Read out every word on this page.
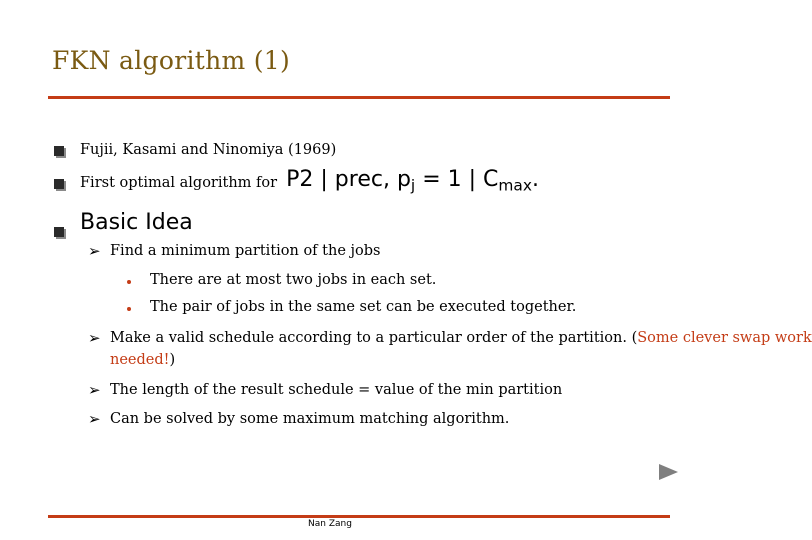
FKN algorithm (1)
Fujii, Kasami and Ninomiya (1969)
First optimal algorithm for P2 | prec, $p_j = 1$ | $C_{max}$.
Basic Idea
➢ Find a minimum partition of the jobs
There are at most two jobs in each set.
The pair of jobs in the same set can be executed together.
➢ Make a valid schedule according to a particular order of the partition. (Some clever swap work
needed!)
➢ The length of the result schedule = value of the min partition
➢ Can be solved by some maximum matching algorithm.
Nan Zang
